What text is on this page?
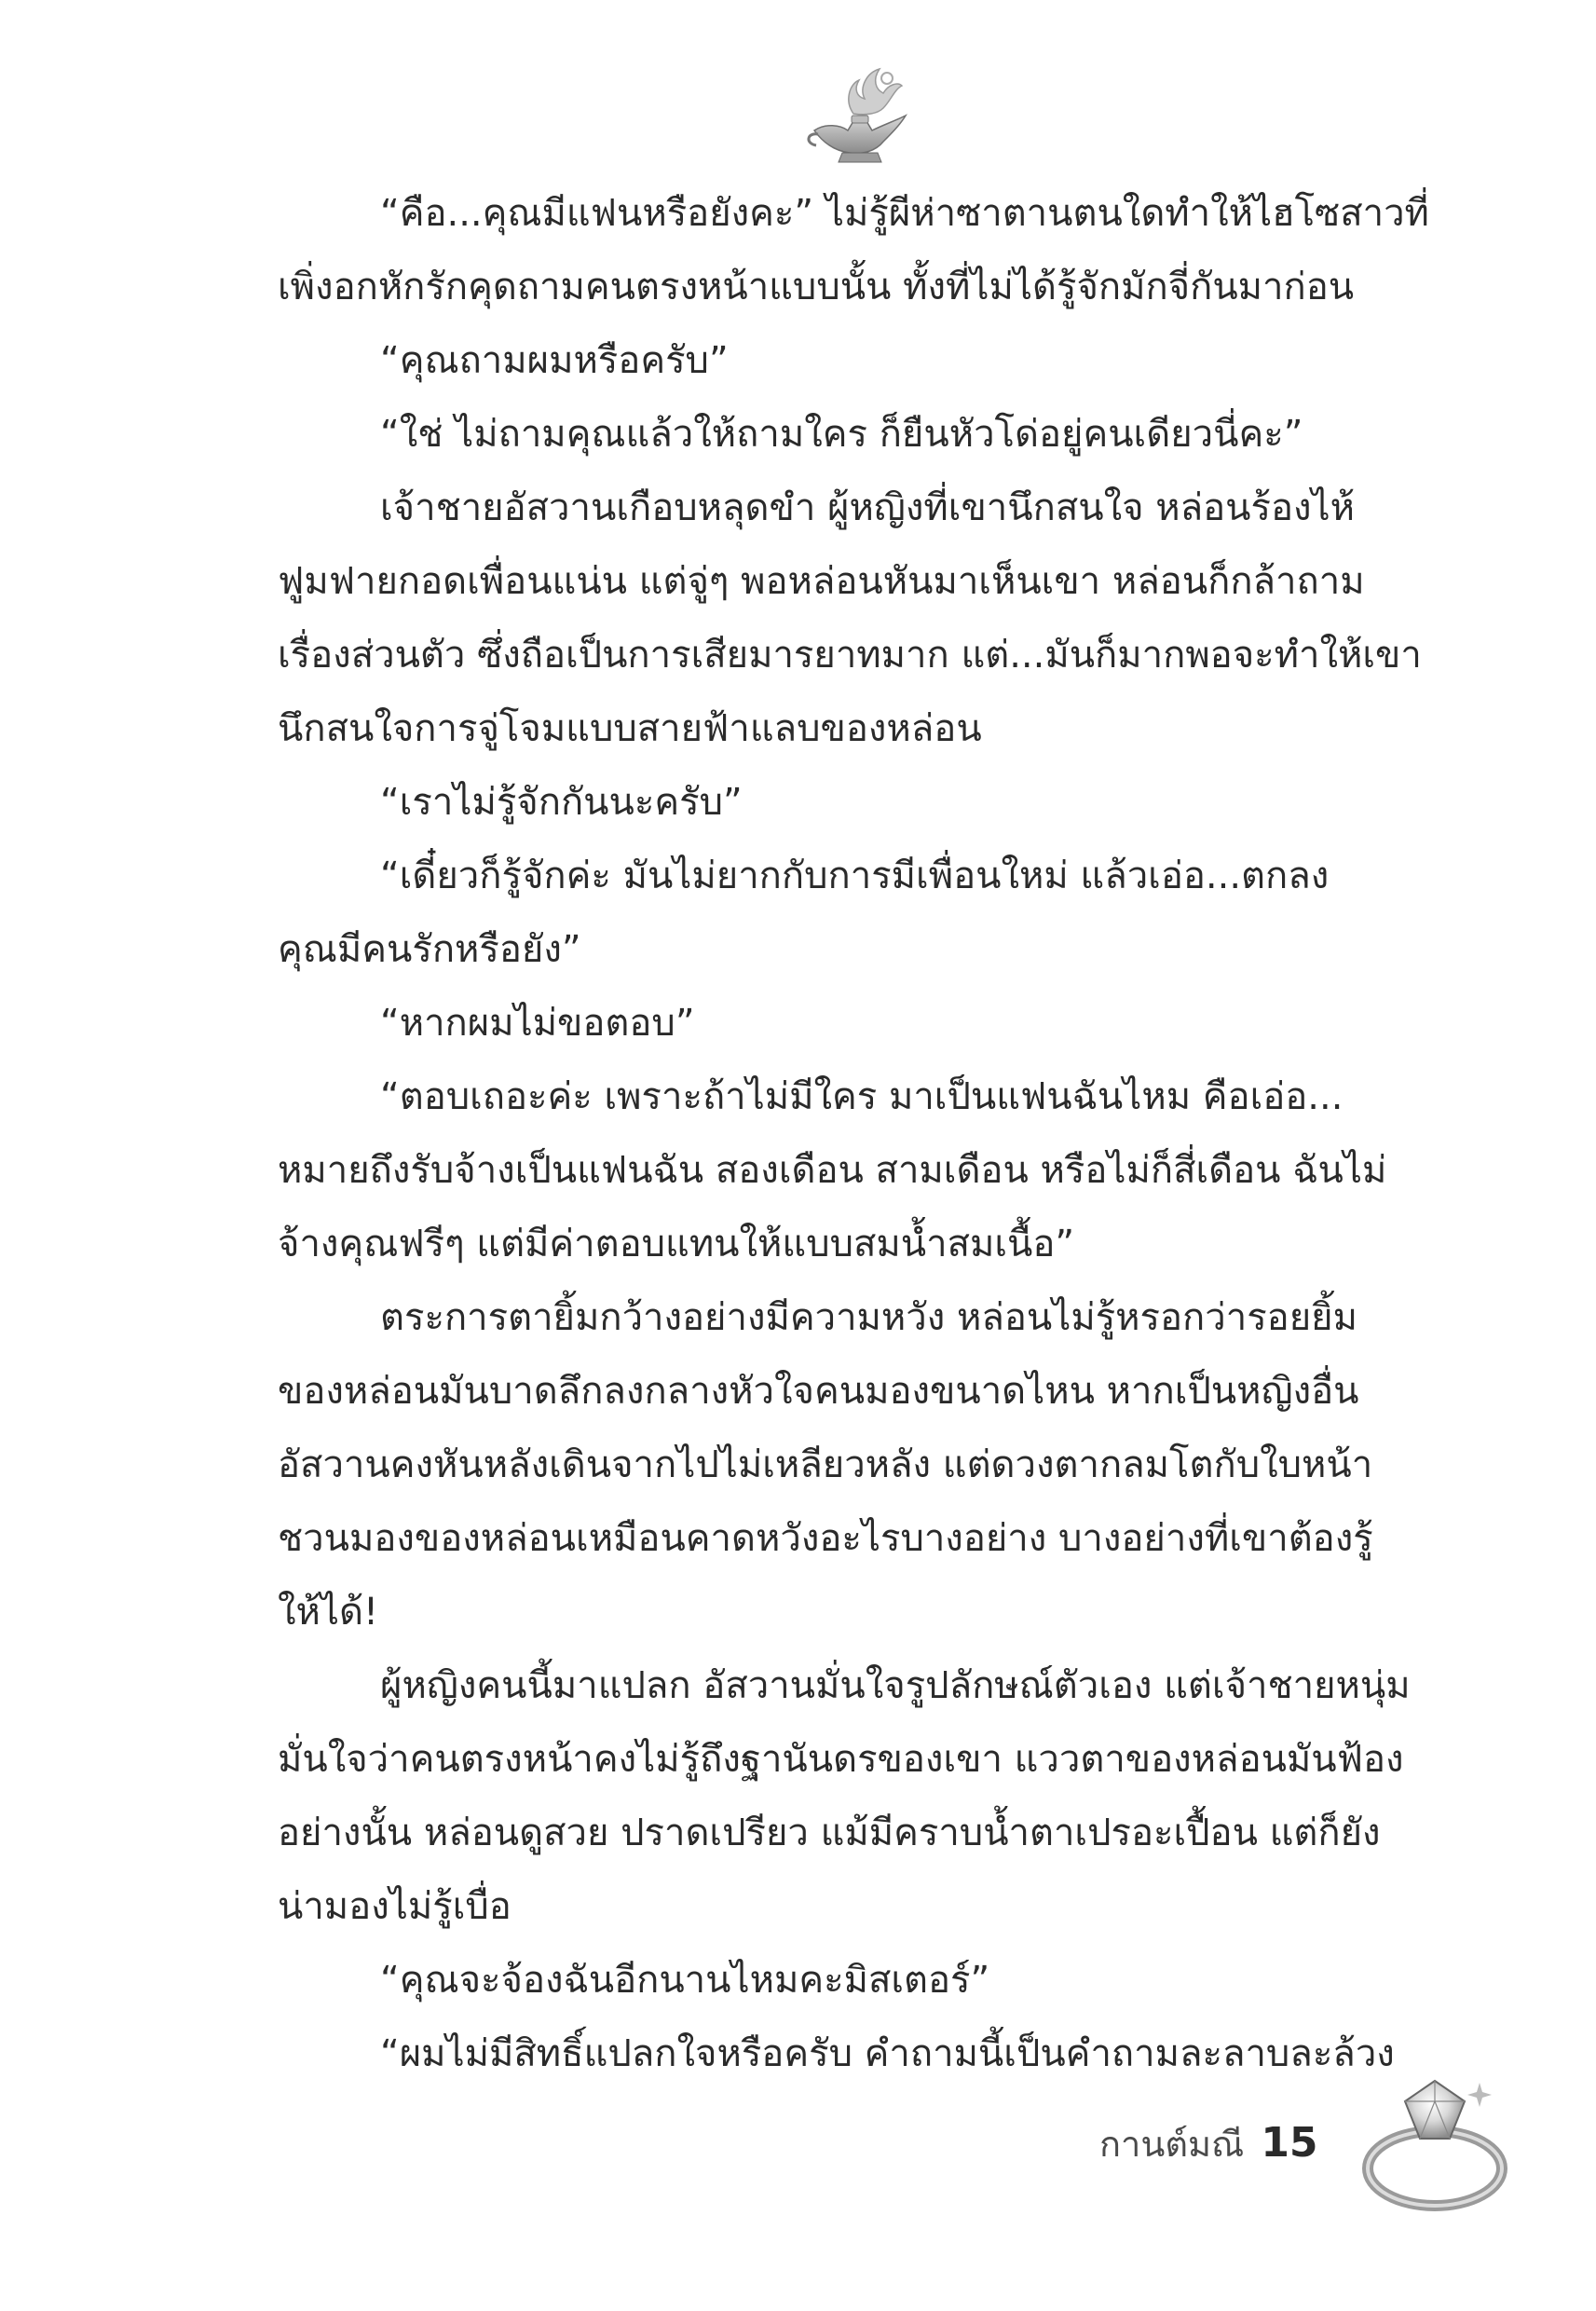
“คือ...คุณมีแฟนหรือยังคะ” ไม่รู้ผีห่าซาตานตนใดทำให้ไฮโซสาวที่
เพิ่งอกหักรักคุดถามคนตรงหน้าแบบนั้น ทั้งที่ไม่ได้รู้จักมักจี่กันมาก่อน
“คุณถามผมหรือครับ”
“ใช่ ไม่ถามคุณแล้วให้ถามใคร ก็ยืนหัวโด่อยู่คนเดียวนี่คะ”
เจ้าชายอัสวานเกือบหลุดขำ ผู้หญิงที่เขานึกสนใจ หล่อนร้องไห้
ฟูมฟายกอดเพื่อนแน่น แต่จู่ๆ พอหล่อนหันมาเห็นเขา หล่อนก็กล้าถาม
เรื่องส่วนตัว ซึ่งถือเป็นการเสียมารยาทมาก แต่...มันก็มากพอจะทำให้เขา
นึกสนใจการจู่โจมแบบสายฟ้าแลบของหล่อน
“เราไม่รู้จักกันนะครับ”
“เดี๋ยวก็รู้จักค่ะ มันไม่ยากกับการมีเพื่อนใหม่ แล้วเอ่อ...ตกลง
คุณมีคนรักหรือยัง”
“หากผมไม่ขอตอบ”
“ตอบเถอะค่ะ เพราะถ้าไม่มีใคร มาเป็นแฟนฉันไหม คือเอ่อ...
หมายถึงรับจ้างเป็นแฟนฉัน สองเดือน สามเดือน หรือไม่ก็สี่เดือน ฉันไม่
จ้างคุณฟรีๆ แต่มีค่าตอบแทนให้แบบสมน้ำสมเนื้อ”
ตระการตายิ้มกว้างอย่างมีความหวัง หล่อนไม่รู้หรอกว่ารอยยิ้ม
ของหล่อนมันบาดลึกลงกลางหัวใจคนมองขนาดไหน หากเป็นหญิงอื่น
อัสวานคงหันหลังเดินจากไปไม่เหลียวหลัง แต่ดวงตากลมโตกับใบหน้า
ชวนมองของหล่อนเหมือนคาดหวังอะไรบางอย่าง บางอย่างที่เขาต้องรู้
ให้ได้!
ผู้หญิงคนนี้มาแปลก อัสวานมั่นใจรูปลักษณ์ตัวเอง แต่เจ้าชายหนุ่ม
มั่นใจว่าคนตรงหน้าคงไม่รู้ถึงฐานันดรของเขา แววตาของหล่อนมันฟ้อง
อย่างนั้น หล่อนดูสวย ปราดเปรียว แม้มีคราบน้ำตาเปรอะเปื้อน แต่ก็ยัง
น่ามองไม่รู้เบื่อ
“คุณจะจ้องฉันอีกนานไหมคะมิสเตอร์”
“ผมไม่มีสิทธิ์แปลกใจหรือครับ คำถามนี้เป็นคำถามละลาบละล้วง
กานต์มณี 15
